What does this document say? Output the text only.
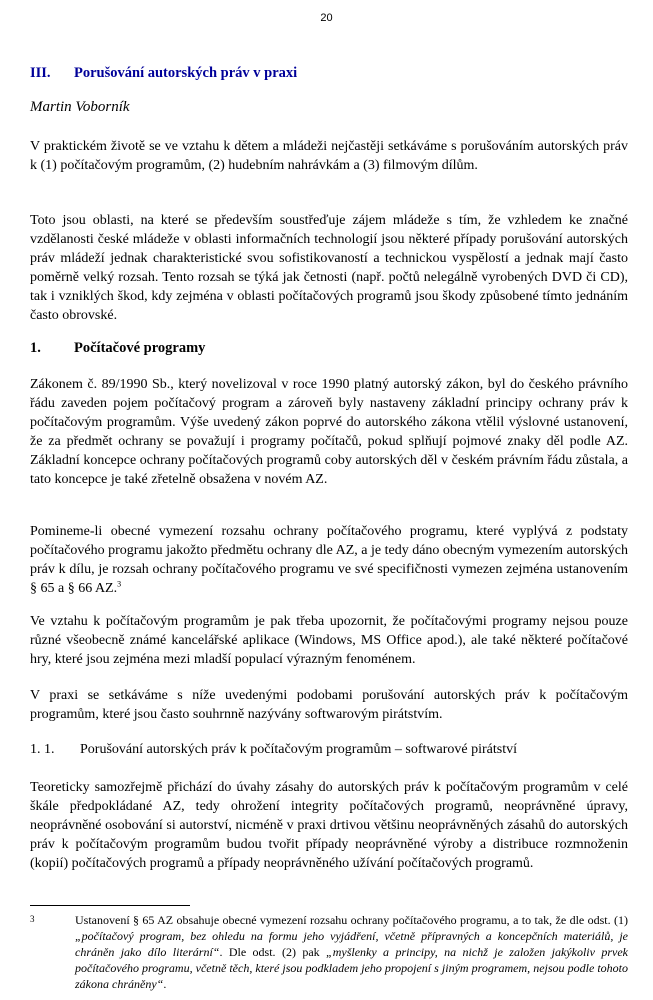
20
III. Porušování autorských práv v praxi
Martin Voborník

V praktickém životě se ve vztahu k dětem a mládeži nejčastěji setkáváme s porušováním autorských práv k (1) počítačovým programům, (2) hudebním nahrávkám a (3) filmovým dílům.

Toto jsou oblasti, na které se především soustřeďuje zájem mládeže s tím, že vzhledem ke značné vzdělanosti české mládeže v oblasti informačních technologií jsou některé případy porušování autorských práv mládeží jednak charakteristické svou sofistikovaností a technickou vyspělostí a jednak mají často poměrně velký rozsah. Tento rozsah se týká jak četnosti (např. počtů nelegálně vyrobených DVD či CD), tak i vzniklých škod, kdy zejména v oblasti počítačových programů jsou škody způsobené tímto jednáním často obrovské.

1. Počítačové programy

Zákonem č. 89/1990 Sb., který novelizoval v roce 1990 platný autorský zákon, byl do českého právního řádu zaveden pojem počítačový program a zároveň byly nastaveny základní principy ochrany práv k počítačovým programům. Výše uvedený zákon poprvé do autorského zákona vtělil výslovné ustanovení, že za předmět ochrany se považují i programy počítačů, pokud splňují pojmové znaky děl podle AZ. Základní koncepce ochrany počítačových programů coby autorských děl v českém právním řádu zůstala, a tato koncepce je také zřetelně obsažena v novém AZ.

Pomineme-li obecné vymezení rozsahu ochrany počítačového programu, které vyplývá z podstaty počítačového programu jakožto předmětu ochrany dle AZ, a je tedy dáno obecným vymezením autorských práv k dílu, je rozsah ochrany počítačového programu ve své specifičnosti vymezen zejména ustanovením § 65 a § 66 AZ.$^3$

Ve vztahu k počítačovým programům je pak třeba upozornit, že počítačovými programy nejsou pouze různé všeobecně známé kancelářské aplikace (Windows, MS Office apod.), ale také některé počítačové hry, které jsou zejména mezi mladší populací výrazným fenoménem.

V praxi se setkáváme s níže uvedenými podobami porušování autorských práv k počítačovým programům, které jsou často souhrnně nazývány softwarovým pirátstvím.

1. 1. Porušování autorských práv k počítačovým programům – softwarové pirátství

Teoreticky samozřejmě přichází do úvahy zásahy do autorských práv k počítačovým programům v celé škále předpokládané AZ, tedy ohrožení integrity počítačových programů, neoprávněné úpravy, neoprávněné osobování si autorství, nicméně v praxi drtivou většinu neoprávněných zásahů do autorských práv k počítačovým programům budou tvořit případy neoprávněné výroby a distribuce rozmnoženin (kopií) počítačových programů a případy neoprávněného užívání počítačových programů.

3	Ustanovení § 65 AZ obsahuje obecné vymezení rozsahu ochrany počítačového programu, a to tak, že dle odst. (1) „počítačový program, bez ohledu na formu jeho vyjádření, včetně přípravných a koncepčních materiálů, je chráněn jako dílo literární“. Dle odst. (2) pak „myšlenky a principy, na nichž je založen jakýkoliv prvek počítačového programu, včetně těch, které jsou podkladem jeho propojení s jiným programem, nejsou podle tohoto zákona chráněny“.
